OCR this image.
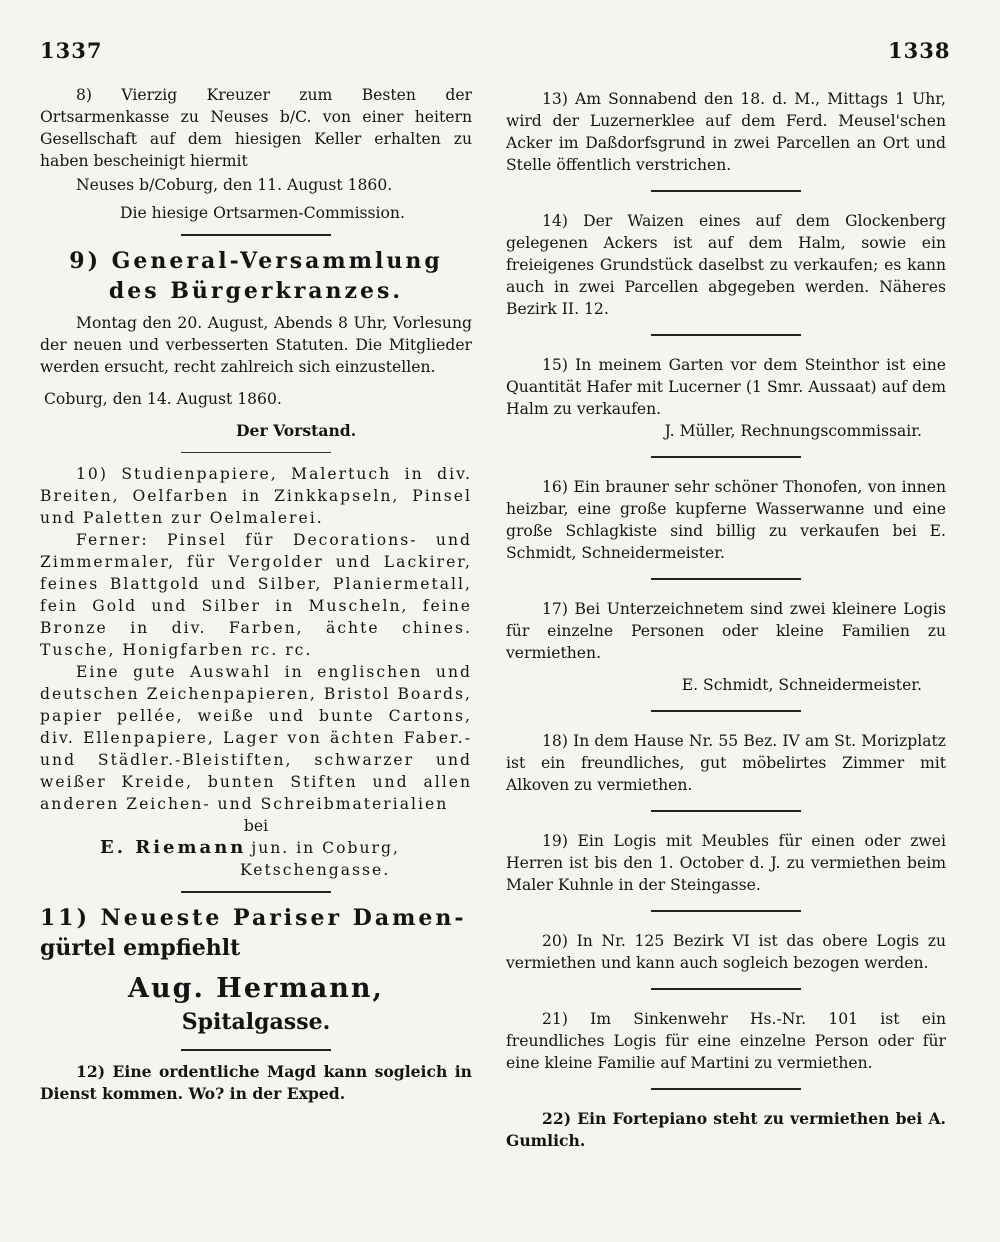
1337	1338

8) Vierzig Kreuzer zum Besten der Ortsarmenkasse zu Neuses b/C. von einer heitern Gesellschaft auf dem hiesigen Keller erhalten zu haben bescheinigt hiermit

Neuses b/Coburg, den 11. August 1860.

Die hiesige Ortsarmen-Commission.

9) General-Versammlung

des Bürgerkranzes.

Montag den 20. August, Abends 8 Uhr, Vorlesung der neuen und verbesserten Statuten. Die Mitglieder werden ersucht, recht zahlreich sich einzustellen.

Coburg, den 14. August 1860.

Der Vorstand.

10) Studienpapiere, Malertuch in div. Breiten, Oelfarben in Zinkkapseln, Pinsel und Paletten zur Oelmalerei.

Ferner: Pinsel für Decorations- und Zimmermaler, für Vergolder und Lackirer, feines Blattgold und Silber, Planiermetall, fein Gold und Silber in Muscheln, feine Bronze in div. Farben, ächte chines. Tusche, Honigfarben rc. rc.

Eine gute Auswahl in englischen und deutschen Zeichenpapieren, Bristol Boards, papier pellée, weiße und bunte Cartons, div. Ellenpapiere, Lager von ächten Faber.- und Städler.-Bleistiften, schwarzer und weißer Kreide, bunten Stiften und allen anderen Zeichen- und Schreibmaterialien

bei

E. Riemann jun. in Coburg,

Ketschengasse.

11) Neueste Pariser Damen-

gürtel empfiehlt

Aug. Hermann,

Spitalgasse.

12) Eine ordentliche Magd kann sogleich in Dienst kommen. Wo? in der Exped.

13) Am Sonnabend den 18. d. M., Mittags 1 Uhr, wird der Luzernerklee auf dem Ferd. Meusel'schen Acker im Daßdorfsgrund in zwei Parcellen an Ort und Stelle öffentlich verstrichen.

14) Der Waizen eines auf dem Glockenberg gelegenen Ackers ist auf dem Halm, sowie ein freieigenes Grundstück daselbst zu verkaufen; es kann auch in zwei Parcellen abgegeben werden. Näheres Bezirk II. 12.

15) In meinem Garten vor dem Steinthor ist eine Quantität Hafer mit Lucerner (1 Smr. Aussaat) auf dem Halm zu verkaufen.

J. Müller, Rechnungscommissair.

16) Ein brauner sehr schöner Thonofen, von innen heizbar, eine große kupferne Wasserwanne und eine große Schlagkiste sind billig zu verkaufen bei E. Schmidt, Schneidermeister.

17) Bei Unterzeichnetem sind zwei kleinere Logis für einzelne Personen oder kleine Familien zu vermiethen.

E. Schmidt, Schneidermeister.

18) In dem Hause Nr. 55 Bez. IV am St. Morizplatz ist ein freundliches, gut möbelirtes Zimmer mit Alkoven zu vermiethen.

19) Ein Logis mit Meubles für einen oder zwei Herren ist bis den 1. October d. J. zu vermiethen beim Maler Kuhnle in der Steingasse.

20) In Nr. 125 Bezirk VI ist das obere Logis zu vermiethen und kann auch sogleich bezogen werden.

21) Im Sinkenwehr Hs.-Nr. 101 ist ein freundliches Logis für eine einzelne Person oder für eine kleine Familie auf Martini zu vermiethen.

22) Ein Fortepiano steht zu vermiethen bei A. Gumlich.
